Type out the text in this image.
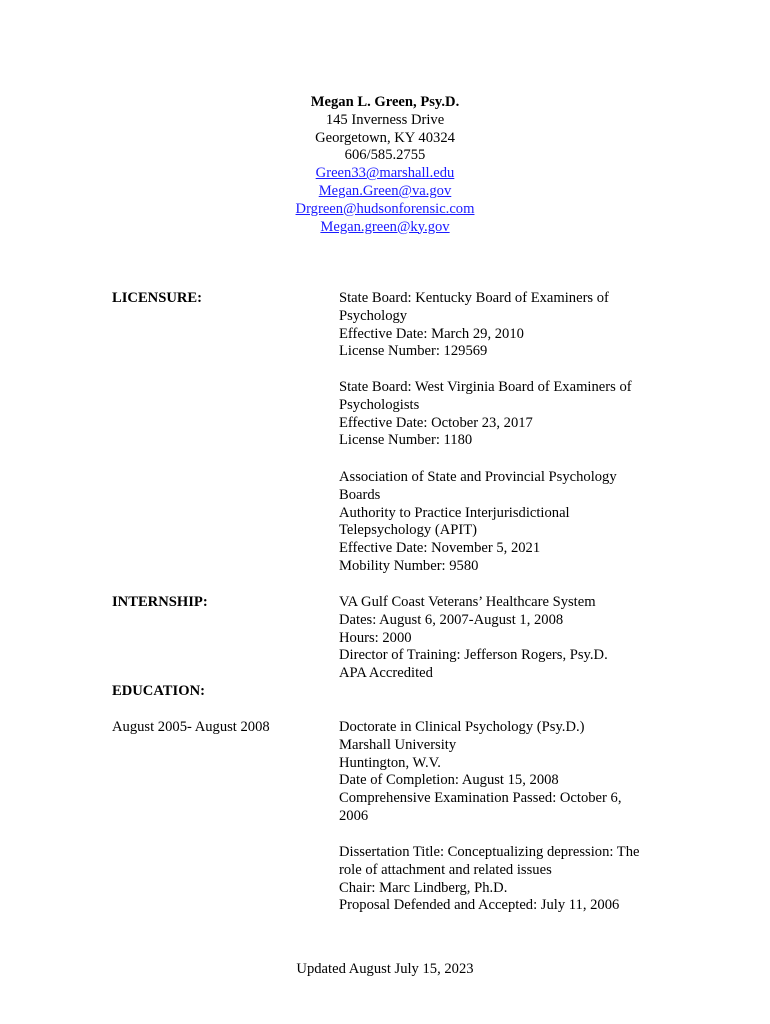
Megan L. Green, Psy.D.
145 Inverness Drive
Georgetown, KY 40324
606/585.2755
Green33@marshall.edu
Megan.Green@va.gov
Drgreen@hudsonforensic.com
Megan.green@ky.gov
LICENSURE:	State Board: Kentucky Board of Examiners of
Psychology
Effective Date: March 29, 2010
License Number: 129569
State Board: West Virginia Board of Examiners of
Psychologists
Effective Date: October 23, 2017
License Number: 1180
Association of State and Provincial Psychology
Boards
Authority to Practice Interjurisdictional
Telepsychology (APIT)
Effective Date: November 5, 2021
Mobility Number: 9580
INTERNSHIP:	VA Gulf Coast Veterans’ Healthcare System
Dates: August 6, 2007-August 1, 2008
Hours: 2000
Director of Training: Jefferson Rogers, Psy.D.
APA Accredited
EDUCATION:
August 2005- August 2008	Doctorate in Clinical Psychology (Psy.D.)
Marshall University
Huntington, W.V.
Date of Completion: August 15, 2008
Comprehensive Examination Passed: October 6,
2006
Dissertation Title: Conceptualizing depression: The
role of attachment and related issues
Chair: Marc Lindberg, Ph.D.
Proposal Defended and Accepted: July 11, 2006
Updated August July 15, 2023
